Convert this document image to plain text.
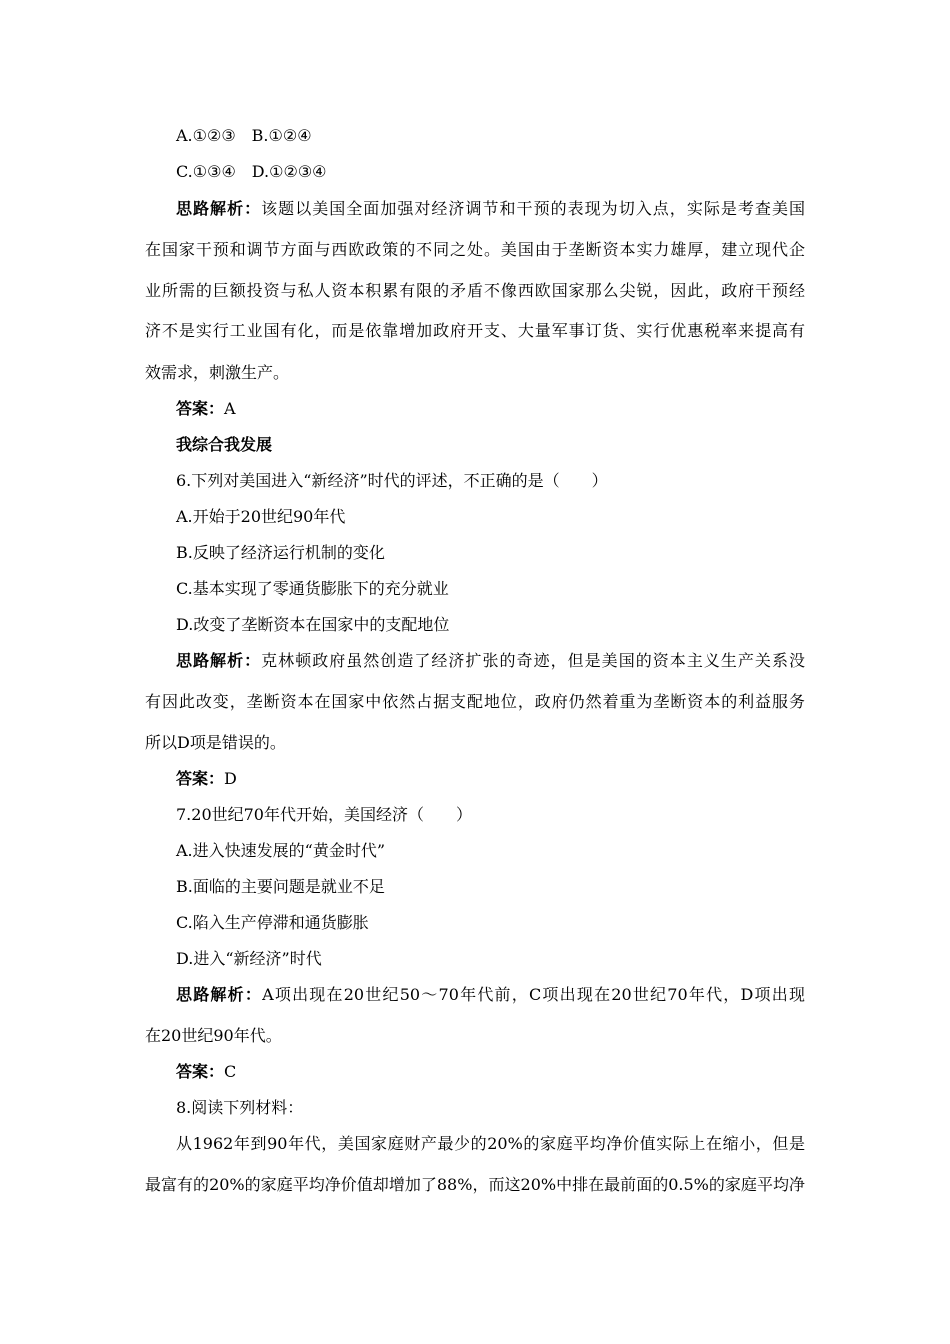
A.①②③　B.①②④
C.①③④　D.①②③④
思路解析：该题以美国全面加强对经济调节和干预的表现为切入点，实际是考查美国
在国家干预和调节方面与西欧政策的不同之处。美国由于垄断资本实力雄厚，建立现代企
业所需的巨额投资与私人资本积累有限的矛盾不像西欧国家那么尖锐，因此，政府干预经
济不是实行工业国有化，而是依靠增加政府开支、大量军事订货、实行优惠税率来提高有
效需求，刺激生产。
答案：A
我综合我发展
6.下列对美国进入“新经济”时代的评述，不正确的是（　　）
A.开始于20世纪90年代
B.反映了经济运行机制的变化
C.基本实现了零通货膨胀下的充分就业
D.改变了垄断资本在国家中的支配地位
思路解析：克林顿政府虽然创造了经济扩张的奇迹，但是美国的资本主义生产关系没
有因此改变，垄断资本在国家中依然占据支配地位，政府仍然着重为垄断资本的利益服务
所以D项是错误的。
答案：D
7.20世纪70年代开始，美国经济（　　）
A.进入快速发展的“黄金时代”
B.面临的主要问题是就业不足
C.陷入生产停滞和通货膨胀
D.进入“新经济”时代
思路解析：A项出现在20世纪50～70年代前，C项出现在20世纪70年代，D项出现
在20世纪90年代。
答案：C
8.阅读下列材料：
从1962年到90年代，美国家庭财产最少的20%的家庭平均净价值实际上在缩小，但是
最富有的20%的家庭平均净价值却增加了88%，而这20%中排在最前面的0.5%的家庭平均净
